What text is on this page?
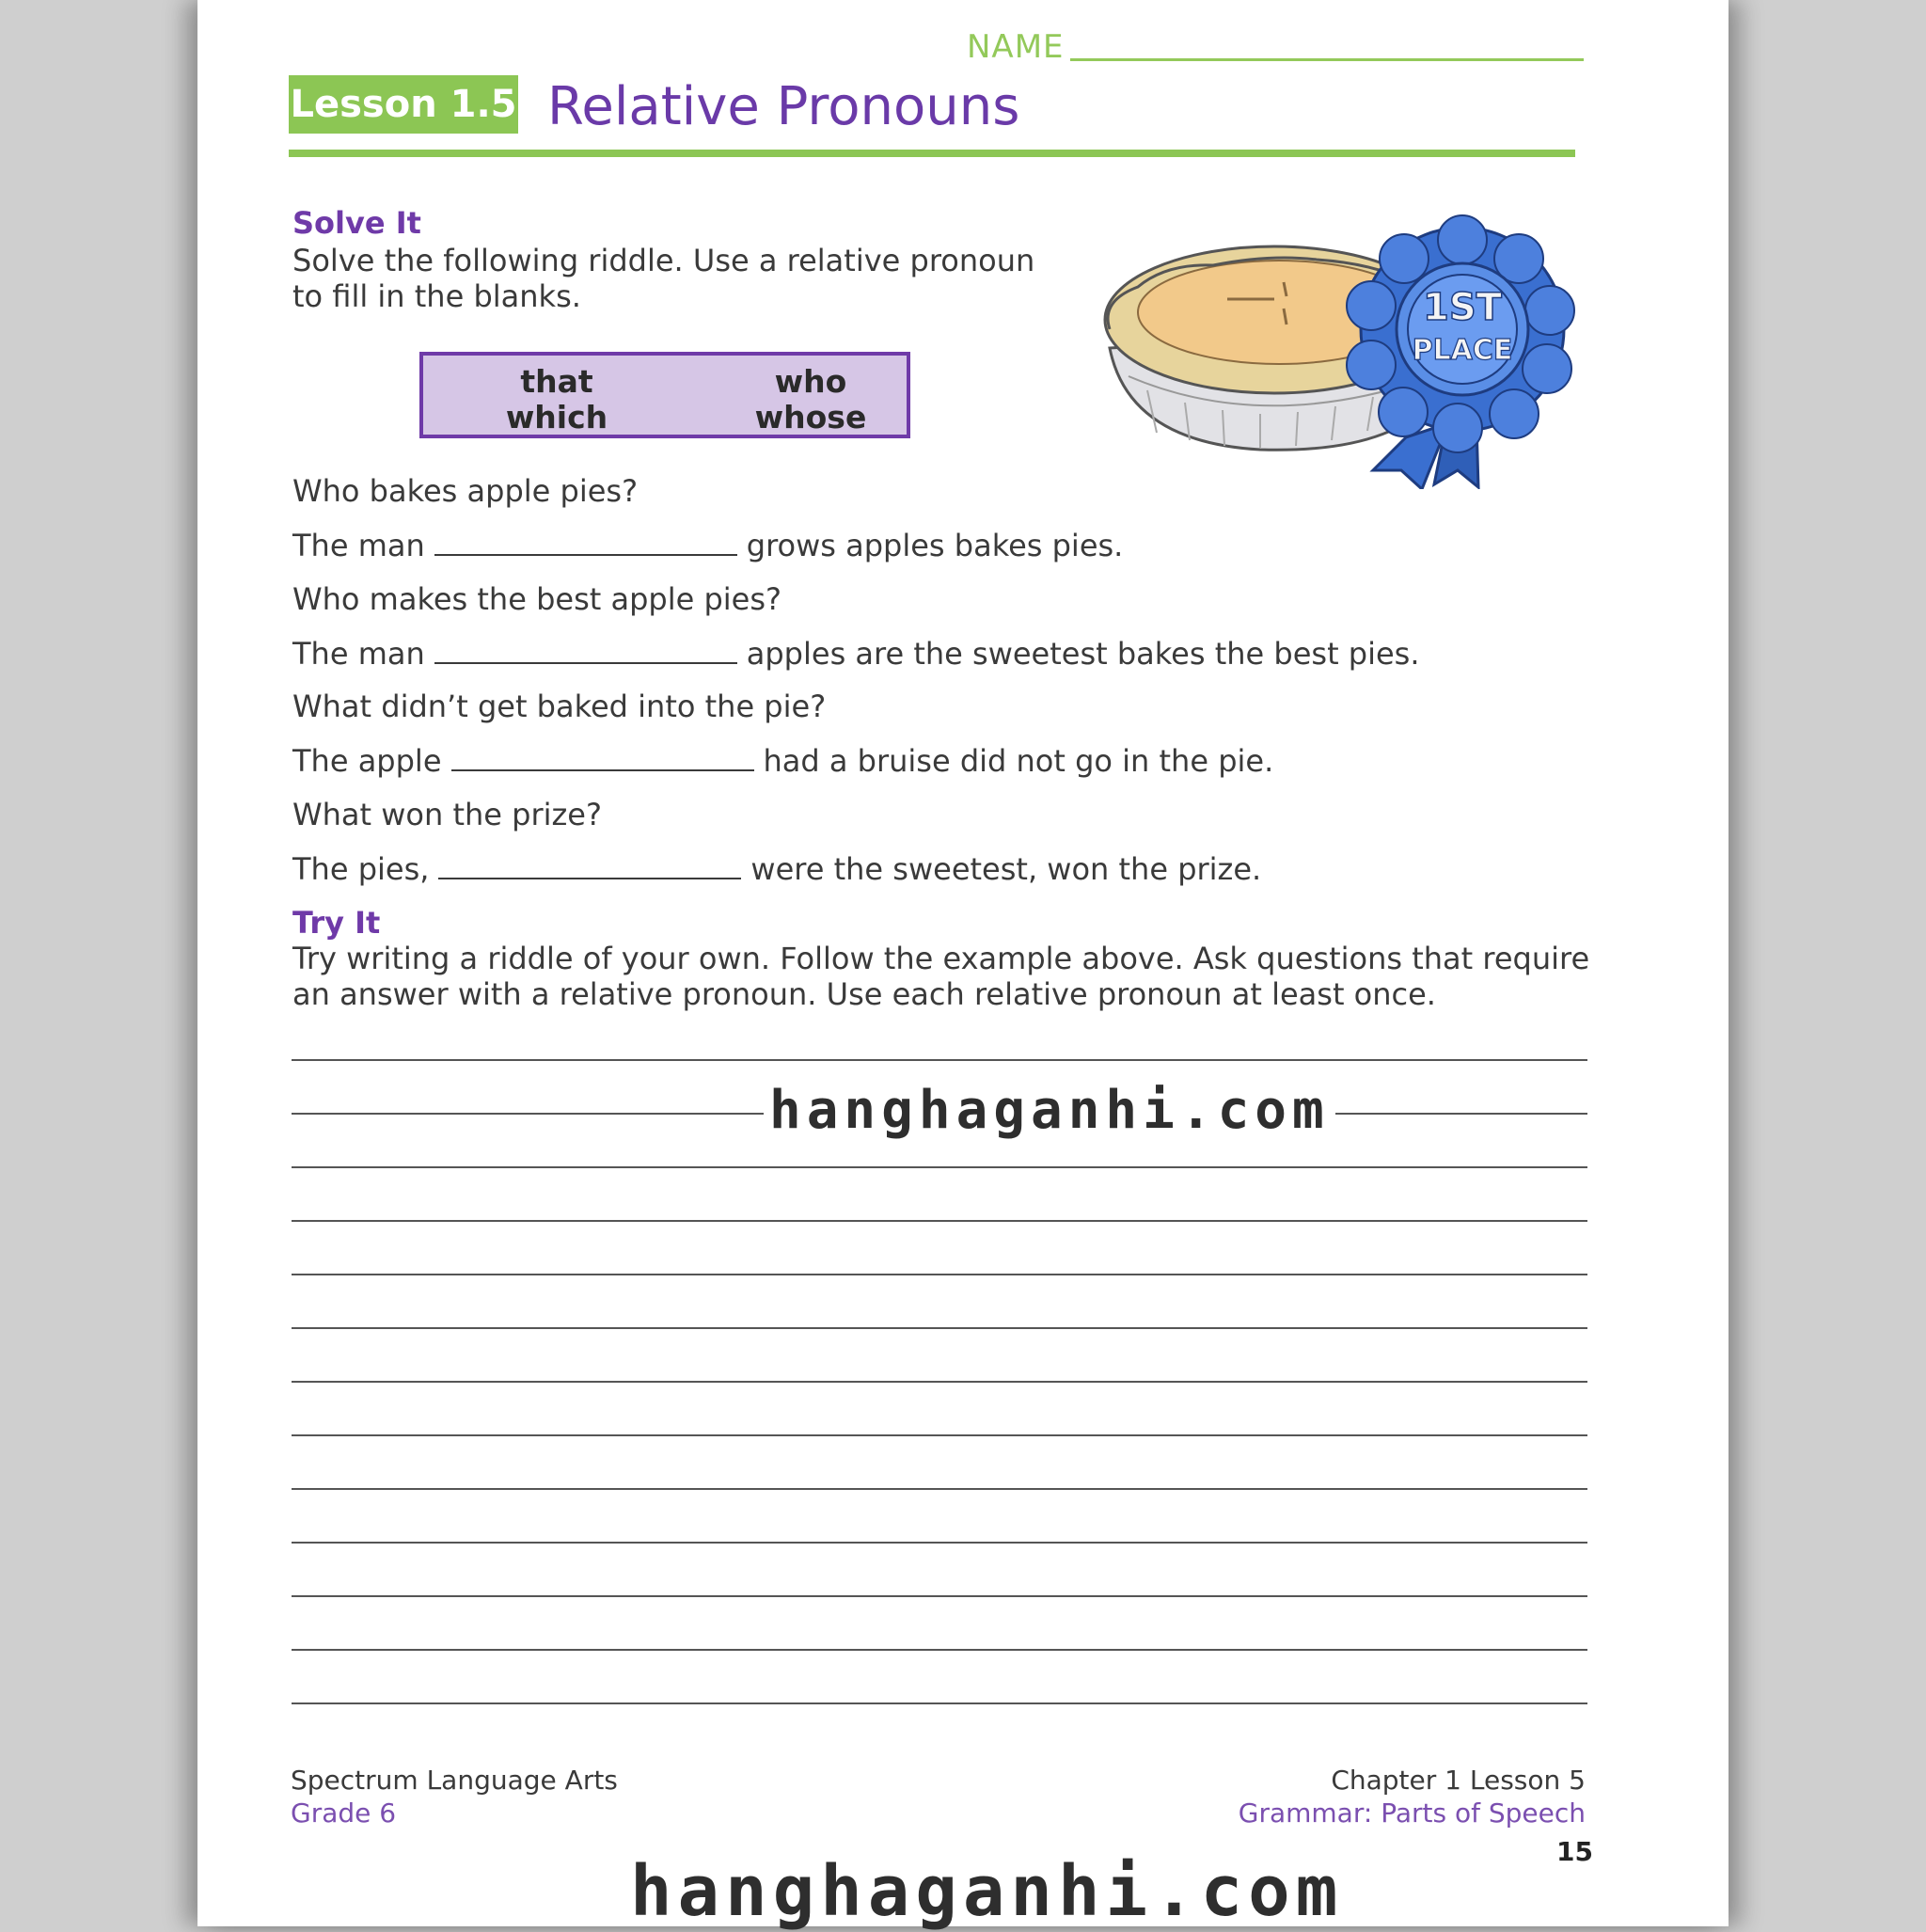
NAME
Lesson 1.5 Relative Pronouns
Solve It
Solve the following riddle. Use a relative pronoun
to fill in the blanks.
that	who
which	whose
1ST
PLACE
Who bakes apple pies?
The man	grows apples bakes pies.
Who makes the best apple pies?
The man	apples are the sweetest bakes the best pies.
What didn’t get baked into the pie?
The apple	had a bruise did not go in the pie.
What won the prize?
The pies,	were the sweetest, won the prize.
Try It
Try writing a riddle of your own. Follow the example above. Ask questions that require
an answer with a relative pronoun. Use each relative pronoun at least once.
hanghaganhi.com
Spectrum Language Arts
Grade 6
Chapter 1 Lesson 5
Grammar: Parts of Speech
15
hanghaganhi.com
